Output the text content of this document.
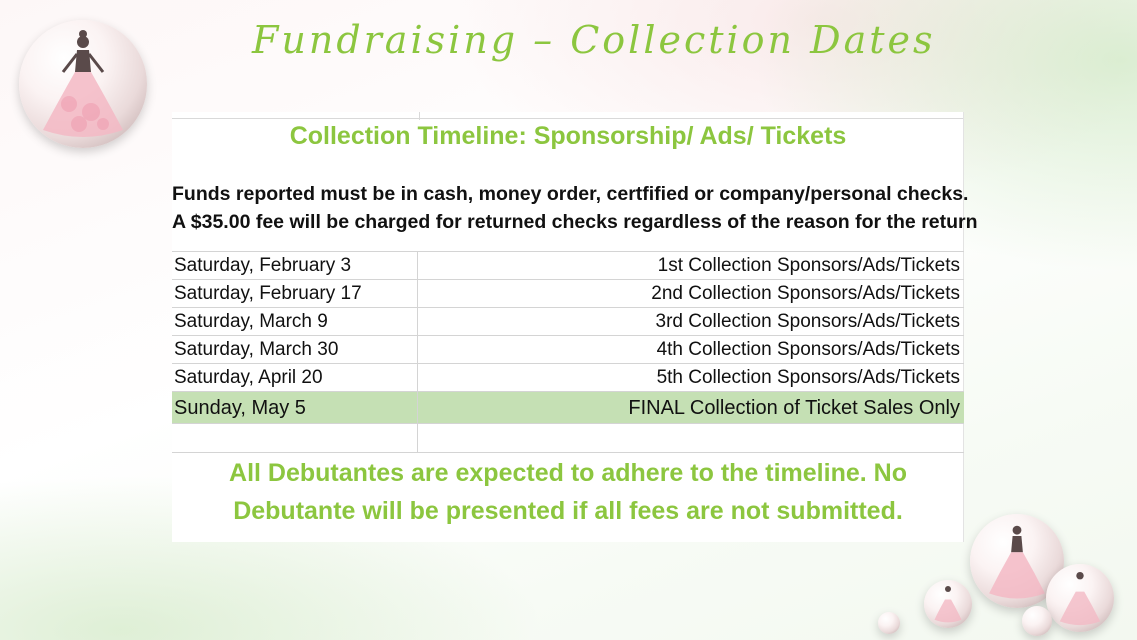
Fundraising – Collection Dates
Collection Timeline: Sponsorship/ Ads/ Tickets
Funds reported must be in cash, money order, certfified or company/personal checks.
A $35.00 fee will be charged for returned checks regardless of the reason for the return
Saturday, February 3	1st Collection Sponsors/Ads/Tickets
Saturday, February 17	2nd Collection Sponsors/Ads/Tickets
Saturday, March 9	3rd Collection Sponsors/Ads/Tickets
Saturday, March 30	4th Collection Sponsors/Ads/Tickets
Saturday, April 20	5th Collection Sponsors/Ads/Tickets
Sunday, May 5	FINAL Collection of Ticket Sales Only
All Debutantes are expected to adhere to the timeline. No
Debutante will be presented if all fees are not submitted.
